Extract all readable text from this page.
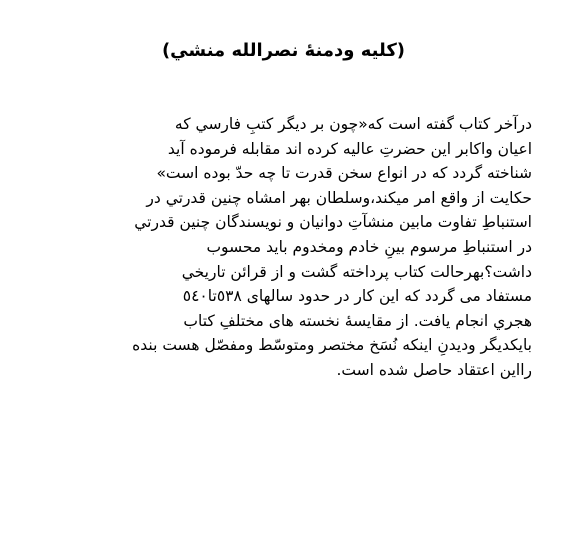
(كليه ودمنهٔ نصرالله منشي)
درآخر كتاب گفته است كه«چون بر ديگر كتبِ فارسي كه
اعيان واكابر اين حضرتِ عاليه كرده اند مقابله فرموده آيد
شناخته گردد كه در انواع سخن قدرت تا چه حدّ بوده است»
حكايت از واقع امر ميكند،وسلطان بهر امشاه چنين قدرتي در
استنباطِ تفاوت مابين منشآتِ دوانيان و نويسندگان چنين قدرتي
در استنباطِ مرسوم بينِ خادم ومخدوم بايد محسوب
داشت؟بهرحالت كتاب پرداخته گشت و از قرائن تاريخي
مستفاد مى گردد كه اين كار در حدود سالهاى ٥٣٨تا٥٤٠
هجري انجام يافت. از مقايسهٔ نخسته هاى مختلفِ كتاب
بايكديگر وديدنِ اينكه نُسَخ مختصر ومتوسّط ومفصّل هست بنده
رااين اعتقاد حاصل شده است.
